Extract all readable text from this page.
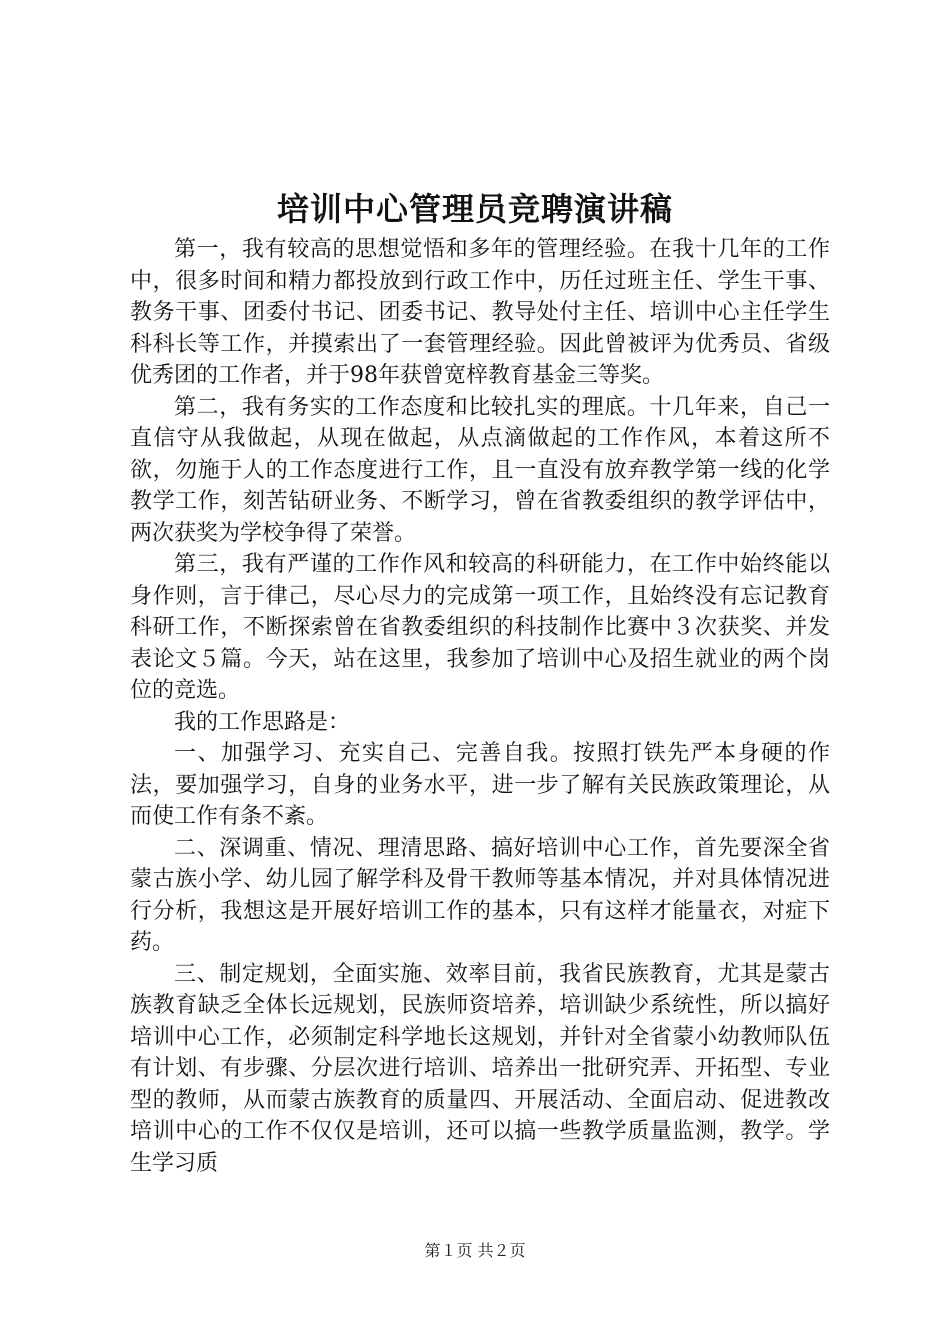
培训中心管理员竞聘演讲稿

第一，我有较高的思想觉悟和多年的管理经验。在我十几年的工作中，很多时间和精力都投放到行政工作中，历任过班主任、学生干事、教务干事、团委付书记、团委书记、教导处付主任、培训中心主任学生科科长等工作，并摸索出了一套管理经验。因此曾被评为优秀员、省级优秀团的工作者，并于98年获曾宽梓教育基金三等奖。

第二，我有务实的工作态度和比较扎实的理底。十几年来，自己一直信守从我做起，从现在做起，从点滴做起的工作作风，本着这所不欲，勿施于人的工作态度进行工作，且一直没有放弃教学第一线的化学教学工作，刻苦钻研业务、不断学习，曾在省教委组织的教学评估中，两次获奖为学校争得了荣誉。

第三，我有严谨的工作作风和较高的科研能力，在工作中始终能以身作则，言于律己，尽心尽力的完成第一项工作，且始终没有忘记教育科研工作，不断探索曾在省教委组织的科技制作比赛中３次获奖、并发表论文５篇。今天，站在这里，我参加了培训中心及招生就业的两个岗位的竞选。

我的工作思路是：

一、加强学习、充实自己、完善自我。按照打铁先严本身硬的作法，要加强学习，自身的业务水平，进一步了解有关民族政策理论，从而使工作有条不紊。

二、深调重、情况、理清思路、搞好培训中心工作，首先要深全省蒙古族小学、幼儿园了解学科及骨干教师等基本情况，并对具体情况进行分析，我想这是开展好培训工作的基本，只有这样才能量衣，对症下药。

三、制定规划，全面实施、效率目前，我省民族教育，尤其是蒙古族教育缺乏全体长远规划，民族师资培养，培训缺少系统性，所以搞好培训中心工作，必须制定科学地长这规划，并针对全省蒙小幼教师队伍有计划、有步骤、分层次进行培训、培养出一批研究弄、开拓型、专业型的教师，从而蒙古族教育的质量四、开展活动、全面启动、促进教改培训中心的工作不仅仅是培训，还可以搞一些教学质量监测，教学。学生学习质

第１页 共２页
